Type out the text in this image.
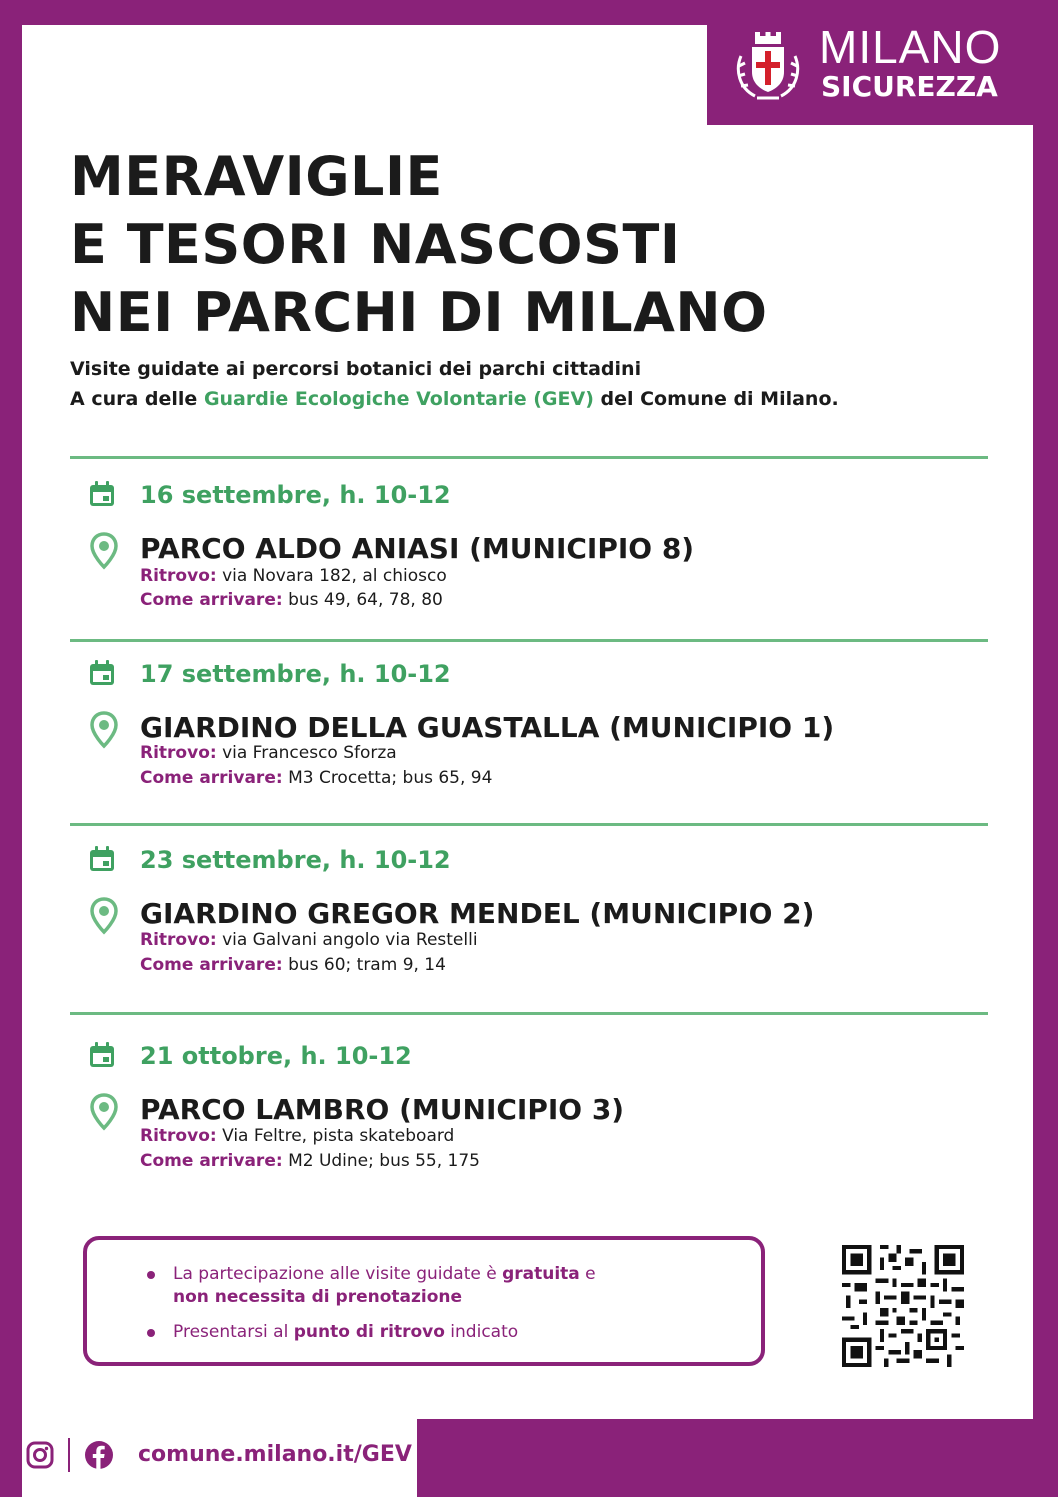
MILANO
SICUREZZA
MERAVIGLIE
E TESORI NASCOSTI
NEI PARCHI DI MILANO
Visite guidate ai percorsi botanici dei parchi cittadini
A cura delle Guardie Ecologiche Volontarie (GEV) del Comune di Milano.
16 settembre, h. 10-12
PARCO ALDO ANIASI (MUNICIPIO 8)
Ritrovo: via Novara 182, al chiosco
Come arrivare: bus 49, 64, 78, 80
17 settembre, h. 10-12
GIARDINO DELLA GUASTALLA (MUNICIPIO 1)
Ritrovo: via Francesco Sforza
Come arrivare: M3 Crocetta; bus 65, 94
23 settembre, h. 10-12
GIARDINO GREGOR MENDEL (MUNICIPIO 2)
Ritrovo: via Galvani angolo via Restelli
Come arrivare: bus 60; tram 9, 14
21 ottobre, h. 10-12
PARCO LAMBRO (MUNICIPIO 3)
Ritrovo: Via Feltre, pista skateboard
Come arrivare: M2 Udine; bus 55, 175
La partecipazione alle visite guidate è gratuita e
non necessita di prenotazione
Presentarsi al punto di ritrovo indicato
comune.milano.it/GEV
